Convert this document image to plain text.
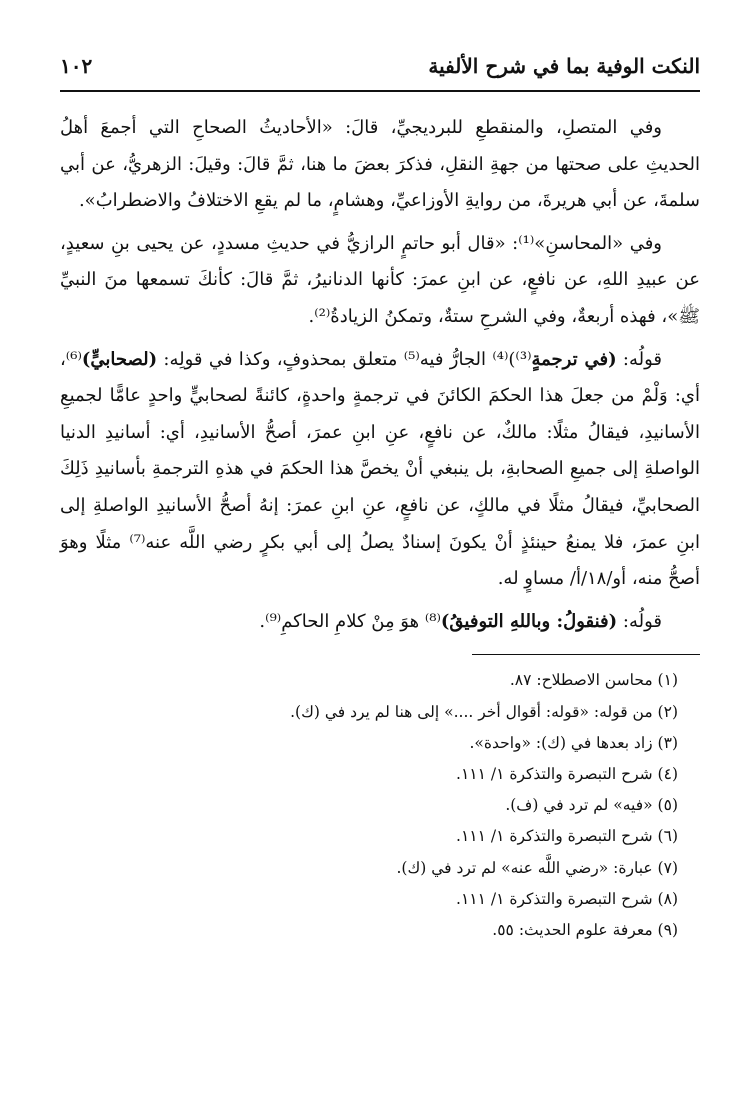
النكت الوفية بما في شرح الألفية
١٠٢

وفي المتصلِ، والمنقطعِ للبرديجيِّ، قالَ: «الأحاديثُ الصحاحِ التي أجمعَ أهلُ الحديثِ على صحتها من جهةِ النقلِ، فذكرَ بعضَ ما هنا، ثمَّ قالَ: وقيلَ: الزهريُّ، عن أبي سلمةَ، عن أبي هريرةَ، من روايةِ الأوزاعيِّ، وهشامٍ، ما لم يقعِ الاختلافُ والاضطرابُ».

وفي «المحاسنِ»⁽¹⁾: «قال أبو حاتمٍ الرازيُّ في حديثِ مسددٍ، عن يحيى بنِ سعيدٍ، عن عبيدِ اللهِ، عن نافعٍ، عن ابنِ عمرَ: كأنها الدنانيرُ، ثمَّ قالَ: كأنكَ تسمعها منَ النبيِّ ﷺ»، فهذه أربعةٌ، وفي الشرحِ ستةٌ، وتمكنُ الزيادةُ⁽²⁾.

قولُه: (في ترجمةٍ⁽³⁾)⁽⁴⁾ الجارُّ فيه⁽⁵⁾ متعلق بمحذوفٍ، وكذا في قولِه: (لصحابيٍّ)⁽⁶⁾، أي: وَلْمْ من جعلَ هذا الحكمَ الكائنَ في ترجمةٍ واحدةٍ، كائنةً لصحابيٍّ واحدٍ عامًّا لجميعِ الأسانيدِ، فيقالُ مثلًا: مالكٌ، عن نافعٍ، عنِ ابنِ عمرَ، أصحُّ الأسانيدِ، أي: أسانيدِ الدنيا الواصلةِ إلى جميعِ الصحابةِ، بل ينبغي أنْ يخصَّ هذا الحكمَ في هذهِ الترجمةِ بأسانيدِ ذَلِكَ الصحابيِّ، فيقالُ مثلًا في مالكٍ، عن نافعٍ، عنِ ابنِ عمرَ: إنهُ أصحُّ الأسانيدِ الواصلةِ إلى ابنِ عمرَ، فلا يمنعُ حينئذٍ أنْ يكونَ إسنادٌ يصلُ إلى أبي بكرٍ رضي اللَّه عنه⁽⁷⁾ مثلًا وهوَ أصحُّ منه، أو/١٨/أ/ مساوٍ له.

قولُه: (فنقولُ: وباللهِ التوفيقُ)⁽⁸⁾ هوَ مِنْ كلامِ الحاكمِ⁽⁹⁾.

(١) محاسن الاصطلاح: ٨٧.
(٢) من قوله: «قوله: أقوال أخر ....» إلى هنا لم يرد في (ك).
(٣) زاد بعدها في (ك): «واحدة».
(٤) شرح التبصرة والتذكرة ١/ ١١١.
(٥) «فيه» لم ترد في (ف).
(٦) شرح التبصرة والتذكرة ١/ ١١١.
(٧) عبارة: «رضي اللَّه عنه» لم ترد في (ك).
(٨) شرح التبصرة والتذكرة ١/ ١١١.
(٩) معرفة علوم الحديث: ٥٥.
